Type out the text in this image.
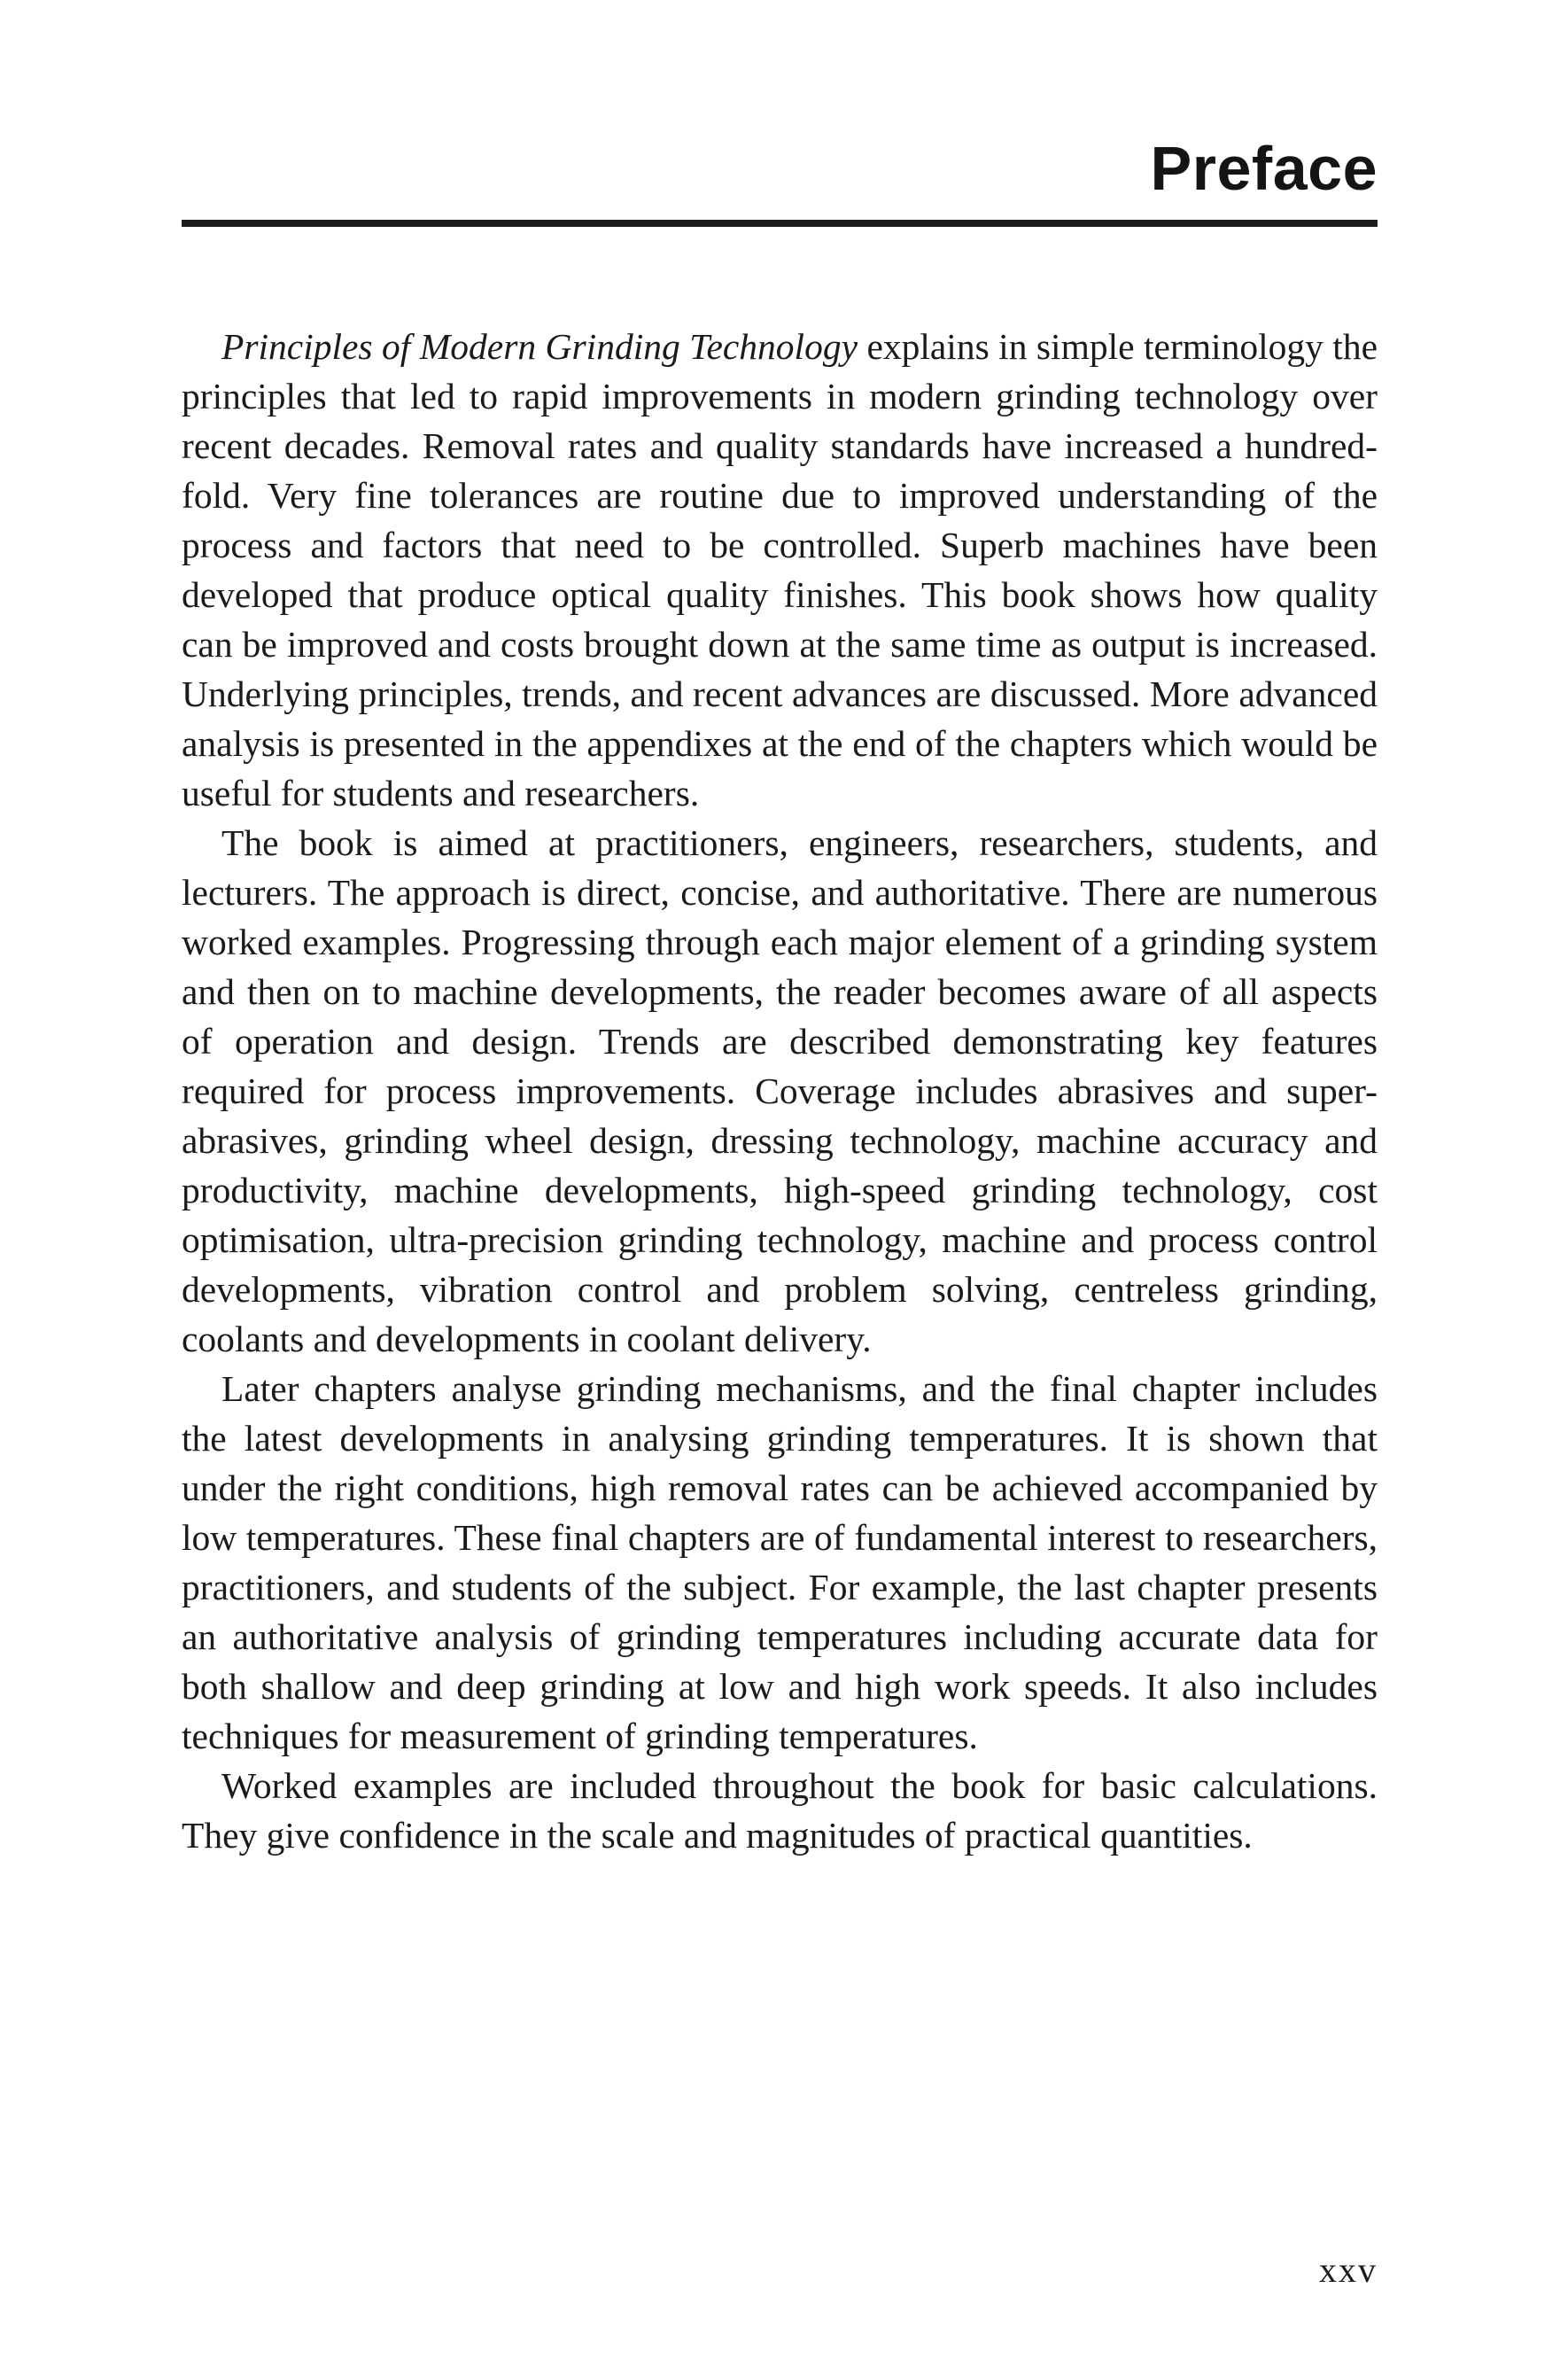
Preface

Principles of Modern Grinding Technology explains in simple terminology the principles that led to rapid improvements in modern grinding technology over recent decades. Removal rates and quality standards have increased a hundred-fold. Very fine tolerances are routine due to improved understanding of the process and factors that need to be controlled. Superb machines have been developed that produce optical quality finishes. This book shows how quality can be improved and costs brought down at the same time as output is increased. Underlying principles, trends, and recent advances are discussed. More advanced analysis is presented in the appendixes at the end of the chapters which would be useful for students and researchers.

The book is aimed at practitioners, engineers, researchers, students, and lecturers. The approach is direct, concise, and authoritative. There are numerous worked examples. Progressing through each major element of a grinding system and then on to machine developments, the reader becomes aware of all aspects of operation and design. Trends are described demonstrating key features required for process improvements. Coverage includes abrasives and super-abrasives, grinding wheel design, dressing technology, machine accuracy and productivity, machine developments, high-speed grinding technology, cost optimisation, ultra-precision grinding technology, machine and process control developments, vibration control and problem solving, centreless grinding, coolants and developments in coolant delivery.

Later chapters analyse grinding mechanisms, and the final chapter includes the latest developments in analysing grinding temperatures. It is shown that under the right conditions, high removal rates can be achieved accompanied by low temperatures. These final chapters are of fundamental interest to researchers, practitioners, and students of the subject. For example, the last chapter presents an authoritative analysis of grinding temperatures including accurate data for both shallow and deep grinding at low and high work speeds. It also includes techniques for measurement of grinding temperatures.

Worked examples are included throughout the book for basic calculations. They give confidence in the scale and magnitudes of practical quantities.

xxv
